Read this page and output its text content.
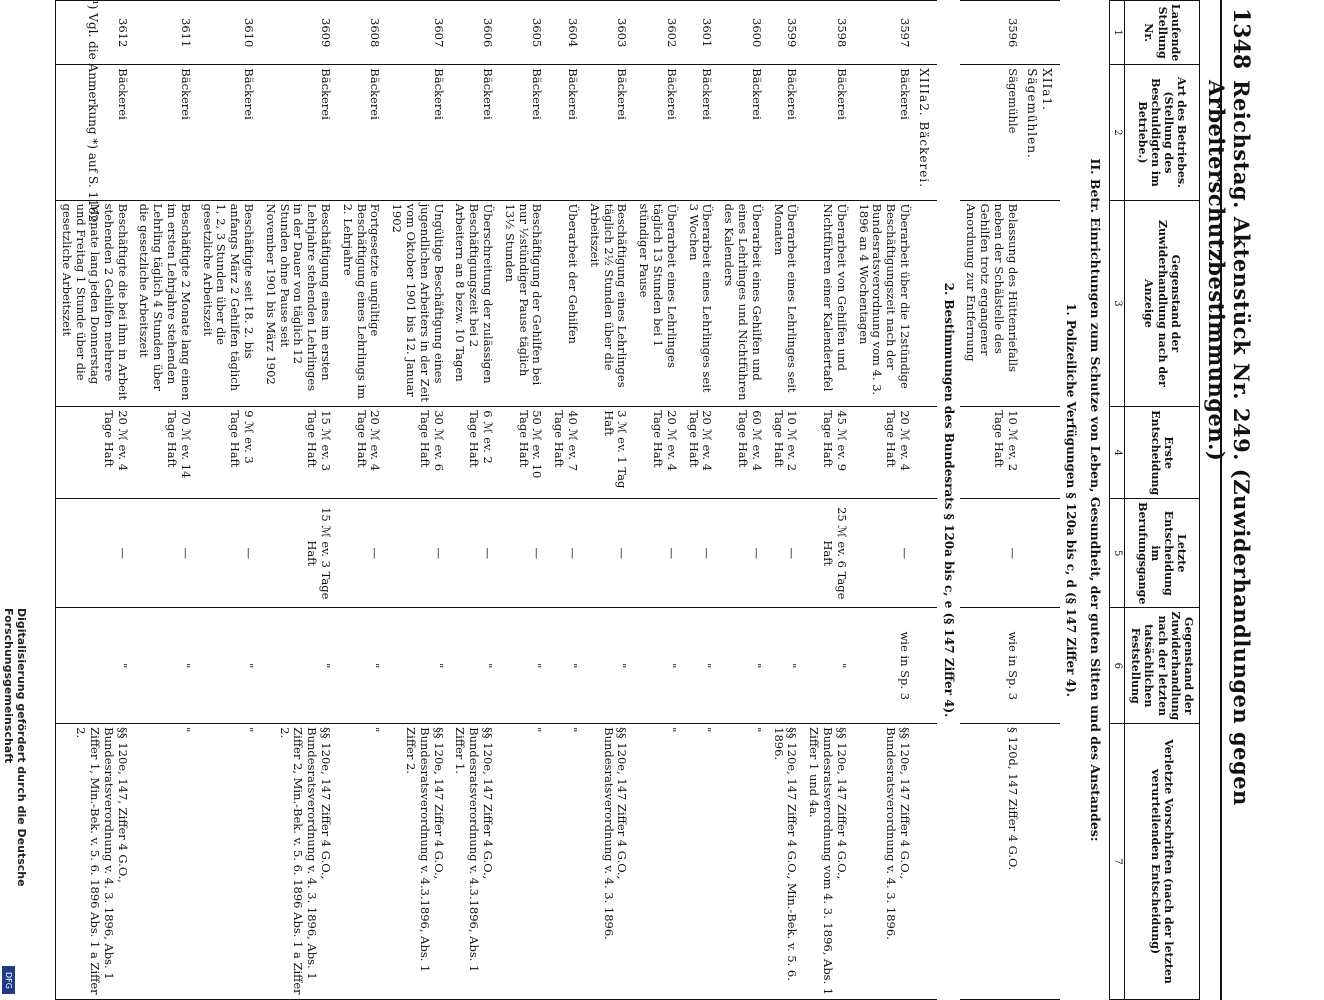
1348
Reichstag. Aktenstück Nr. 249. (Zuwiderhandlungen gegen Arbeiterschutzbestimmungen.)
Laufende Stellung Nr.	Art des Betriebes. (Stellung des Beschuldigten im Betriebe.)	Gegenstand der Zuwiderhandlung nach der Anzeige	Erste Entscheidung	Letzte Entscheidung im Berufungsgange	Gegenstand der Zuwiderhandlung nach der letzten tatsächlichen Feststellung	Verletzte Vorschriften (nach der letzten verurteilenden Entscheidung)
1	2	3	4	5	6	7
II. Betr. Einrichtungen zum Schutze von Leben, Gesundheit, der guten Sitten und des Anstandes:						
1. Polizeiliche Verfügungen § 120a bis c, d (§ 147 Ziffer 4).						
	XIIa1. Sägemühlen.					
3596	Sägemühle	Belassung des Hüttenriefalls neben der Schälstelle des Gehilfen trotz ergangener Anordnung zur Entfernung	10 ℳ ev. 2 Tage Haft	—	wie in Sp. 3	§ 120d, 147 Ziffer 4 G.O.
2. Bestimmungen des Bundesrats § 120a bis c, e (§ 147 Ziffer 4).						
	XIIIa2. Bäckerei.					
3597	Bäckerei	Überarbeit über die 12stündige Beschäftigungszeit nach der Bundesratsverordnung vom 4. 3. 1896 an 4 Wochentagen	20 ℳ ev. 4 Tage Haft	—	wie in Sp. 3	§§ 120e, 147 Ziffer 4 G.O., Bundesratsverordnung v. 4. 3. 1896.
3598	Bäckerei	Überarbeit von Gehilfen und Nichtführen einer Kalendertafel	45 ℳ ev. 9 Tage Haft	25 ℳ ev. 6 Tage Haft	"	§§ 120e, 147 Ziffer 4 G.O., Bundesratsverordnung vom 4. 3. 1896, Abs. 1 Ziffer 1 und 4a.
3599	Bäckerei	Überarbeit eines Lehrlinges seit Monaten	10 ℳ ev. 2 Tage Haft	—	"	§§ 120e, 147 Ziffer 4 G.O., Min.-Bek. v. 5. 6. 1896.
3600	Bäckerei	Überarbeit eines Gehilfen und eines Lehrlinges und Nichtführen des Kalenders	60 ℳ ev. 4 Tage Haft	—	"	"
3601	Bäckerei	Überarbeit eines Lehrlinges seit 3 Wochen	20 ℳ ev. 4 Tage Haft	—	"	"
3602	Bäckerei	Überarbeit eines Lehrlinges täglich 13 Stunden bei 1 stündiger Pause	20 ℳ ev. 4 Tage Haft	—	"	"
3603	Bäckerei	Beschäftigung eines Lehrlinges täglich 2½ Stunden über die Arbeitszeit	3 ℳ ev. 1 Tag Haft	—	"	§§ 120e, 147 Ziffer 4 G.O., Bundesratsverordnung v. 4. 3. 1896.
3604	Bäckerei	Überarbeit der Gehilfen	40 ℳ ev. 7 Tage Haft	—	"	"
3605	Bäckerei	Beschäftigung der Gehilfen bei nur ½stündiger Pause täglich 13½ Stunden	50 ℳ ev. 10 Tage Haft	—	"	"
3606	Bäckerei	Überschreitung der zulässigen Beschäftigungszeit bei 2 Arbeitern an 8 bezw. 10 Tagen	6 ℳ ev. 2 Tage Haft	—	"	§§ 120e, 147 Ziffer 4 G.O., Bundesratsverordnung v. 4.3.1896, Abs. 1 Ziffer 1.
3607	Bäckerei	Ungültige Beschäftigung eines jugendlichen Arbeiters in der Zeit vom Oktober 1901 bis 12. Januar 1902	30 ℳ ev. 6 Tage Haft	—	"	§§ 120e, 147 Ziffer 4 G.O., Bundesratsverordnung v. 4.3.1896, Abs. 1 Ziffer 2.
3608	Bäckerei	Fortgesetzte ungültige Beschäftigung eines Lehrlings im 2. Lehrjahre	20 ℳ ev. 4 Tage Haft	—	"	"
3609	Bäckerei	Beschäftigung eines im ersten Lehrjahre stehenden Lehrlinges in der Dauer von täglich 12 Stunden ohne Pause seit November 1901 bis März 1902	15 ℳ ev. 3 Tage Haft	15 ℳ ev. 3 Tage Haft	"	§§ 120e, 147 Ziffer 4 G.O., Bundesratsverordnung v. 4. 3. 1896, Abs. 1 Ziffer 2, Min.-Bek. v. 5. 6. 1896 Abs. 1 a Ziffer 2.
3610	Bäckerei	Beschäftigte seit 18. 2. bis anfangs März 2 Gehilfen täglich 1, 2, 3 Stunden über die gesetzliche Arbeitszeit	9 ℳ ev. 3 Tage Haft	—	"	"
3611	Bäckerei	Beschäftigte 2 Monate lang einen im ersten Lehrjahre stehenden Lehrling täglich 4 Stunden über die gesetzliche Arbeitszeit	70 ℳ ev. 14 Tage Haft	—	"	"
3612	Bäckerei	Beschäftigte die bei ihm in Arbeit stehenden 2 Gehilfen mehrere Monate lang jeden Donnerstag und Freitag 1 Stunde über die gesetzliche Arbeitszeit	20 ℳ ev. 4 Tage Haft	—	"	§§ 120e, 147, Ziffer 4 G.O., Bundesratsverordnung v. 4. 3. 1896, Abs. 1 Ziffer 1, Min.-Bek. v. 5. 6. 1896 Abs. 1 a Ziffer 2.
¹) Vgl. die Anmerkung *) auf S. 1162.
Digitalisierung gefördert durch die Deutsche Forschungsgemeinschaft
DFG
